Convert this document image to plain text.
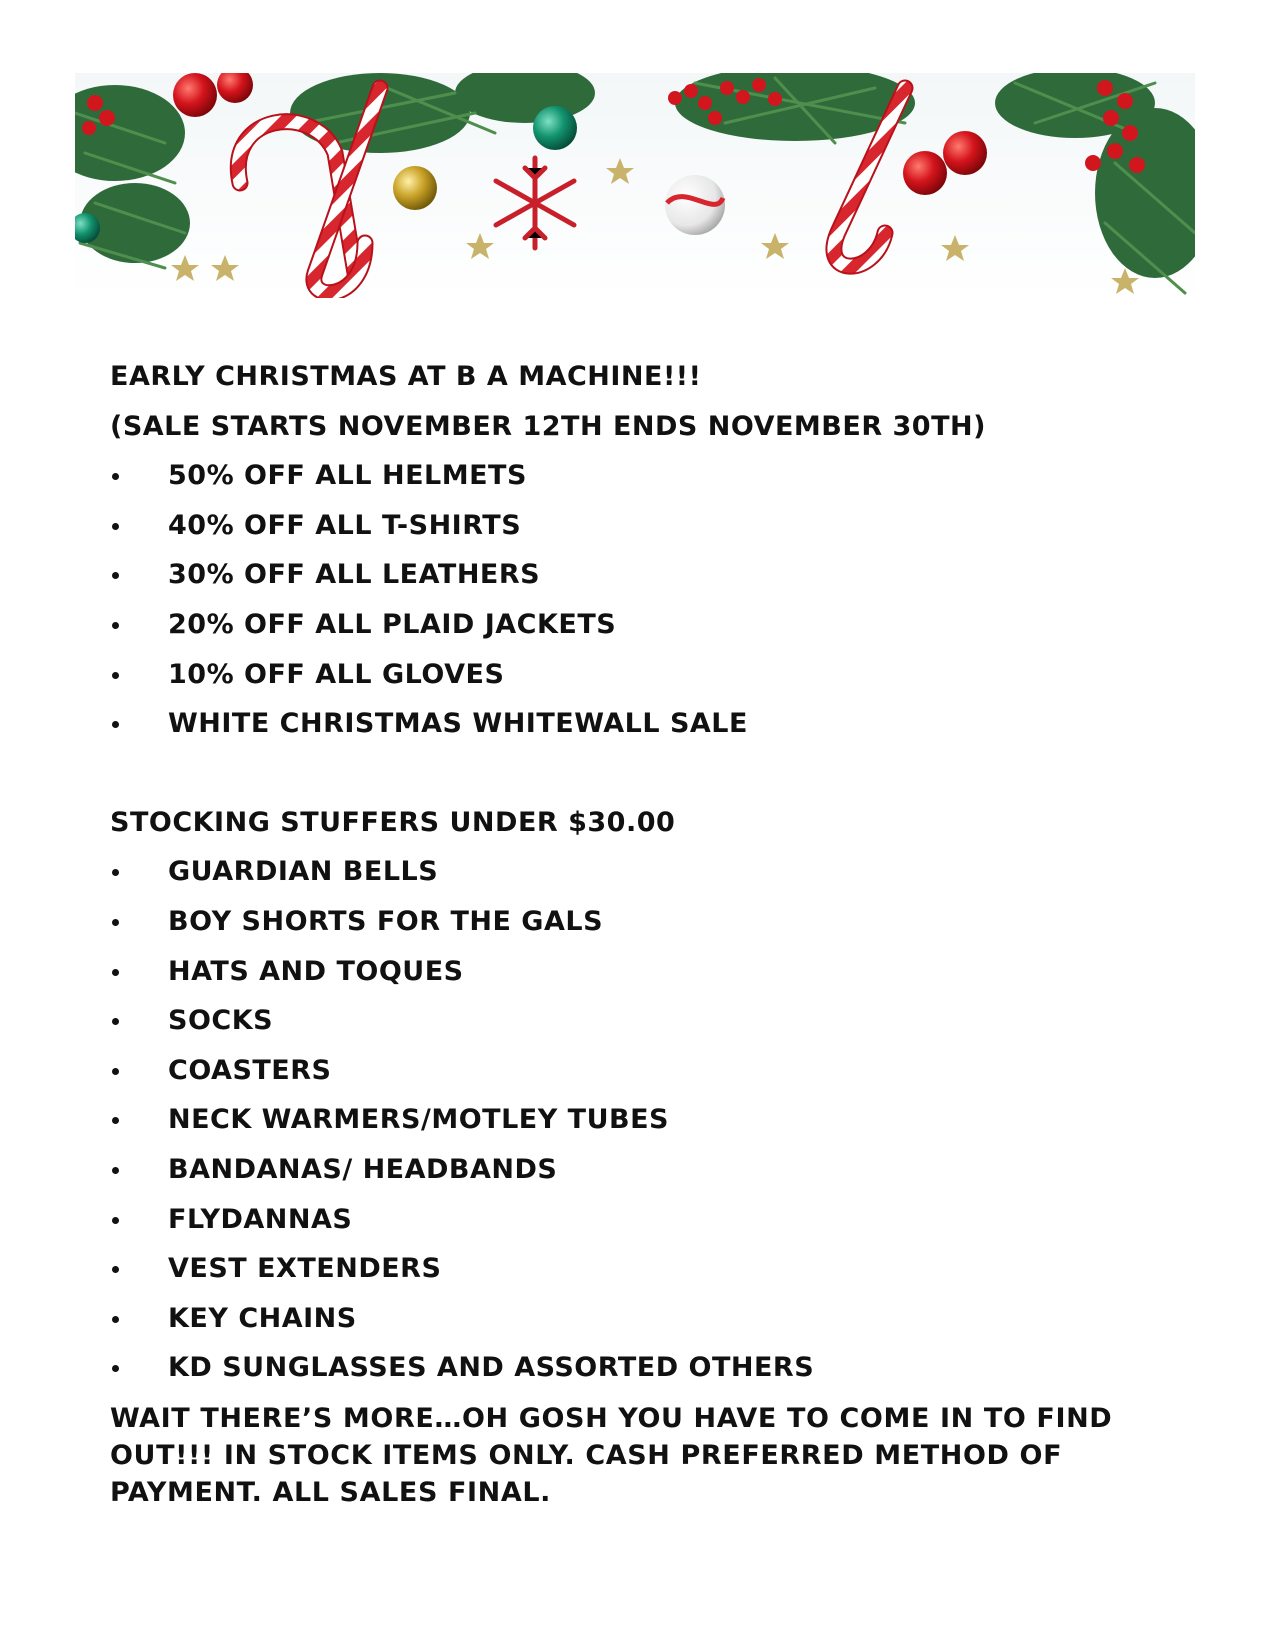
EARLY CHRISTMAS AT B A MACHINE!!!
(SALE STARTS NOVEMBER 12TH ENDS NOVEMBER 30TH)
50% OFF ALL HELMETS
40% OFF ALL T-SHIRTS
30% OFF ALL LEATHERS
20% OFF ALL PLAID JACKETS
10% OFF ALL GLOVES
WHITE CHRISTMAS WHITEWALL SALE
STOCKING STUFFERS UNDER $30.00
GUARDIAN BELLS
BOY SHORTS FOR THE GALS
HATS AND TOQUES
SOCKS
COASTERS
NECK WARMERS/MOTLEY TUBES
BANDANAS/ HEADBANDS
FLYDANNAS
VEST EXTENDERS
KEY CHAINS
KD SUNGLASSES AND ASSORTED OTHERS
WAIT THERE’S MORE…OH GOSH YOU HAVE TO COME IN TO FIND OUT!!! IN STOCK ITEMS ONLY. CASH PREFERRED METHOD OF PAYMENT. ALL SALES FINAL.
